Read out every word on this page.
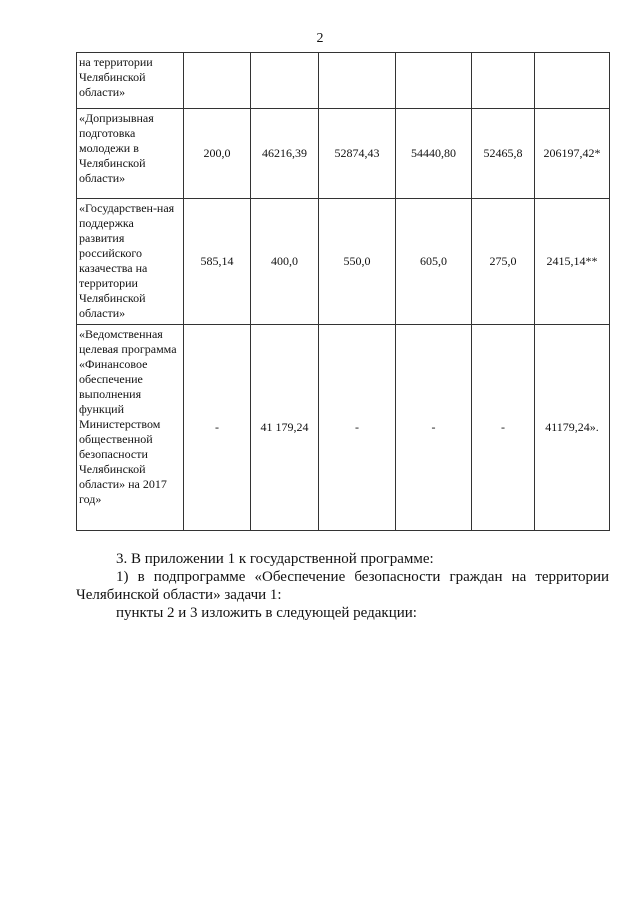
2
на территории Челябинской области»						
«Допризывная подготовка молодежи в Челябинской области»	200,0	46216,39	52874,43	54440,80	52465,8	206197,42*
«Государствен-ная поддержка развития российского казачества на территории Челябинской области»	585,14	400,0	550,0	605,0	275,0	2415,14**
«Ведомственная целевая программа «Финансовое обеспечение выполнения функций Министерством общественной безопасности Челябинской области» на 2017 год»	-	41 179,24	-	-	-	41179,24».

3. В приложении 1 к государственной программе:

1) в подпрограмме «Обеспечение безопасности граждан на территории Челябинской области» задачи 1:

пункты 2 и 3 изложить в следующей редакции:
